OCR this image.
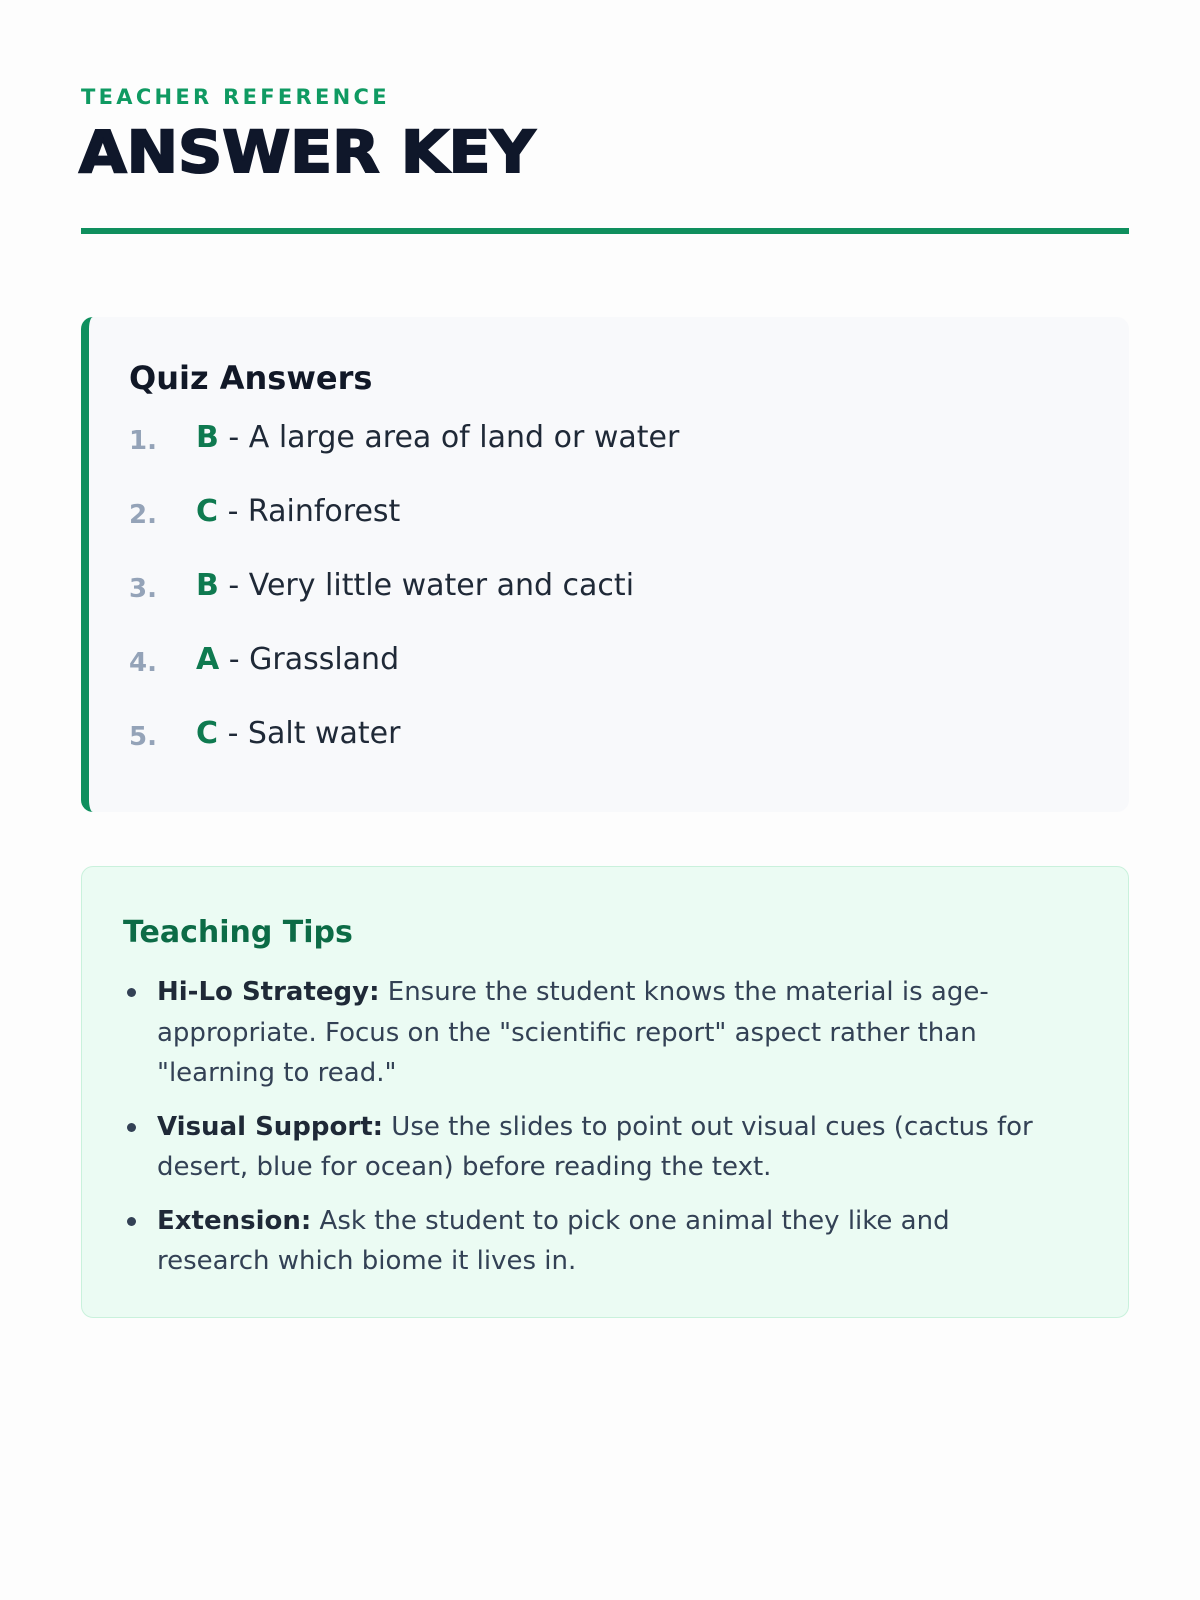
TEACHER REFERENCE
ANSWER KEY
Quiz Answers
1.	B - A large area of land or water
2.	C - Rainforest
3.	B - Very little water and cacti
4.	A - Grassland
5.	C - Salt water
Teaching Tips
Hi-Lo Strategy: Ensure the student knows the material is age-appropriate. Focus on the "scientific report" aspect rather than "learning to read."
Visual Support: Use the slides to point out visual cues (cactus for desert, blue for ocean) before reading the text.
Extension: Ask the student to pick one animal they like and research which biome it lives in.
